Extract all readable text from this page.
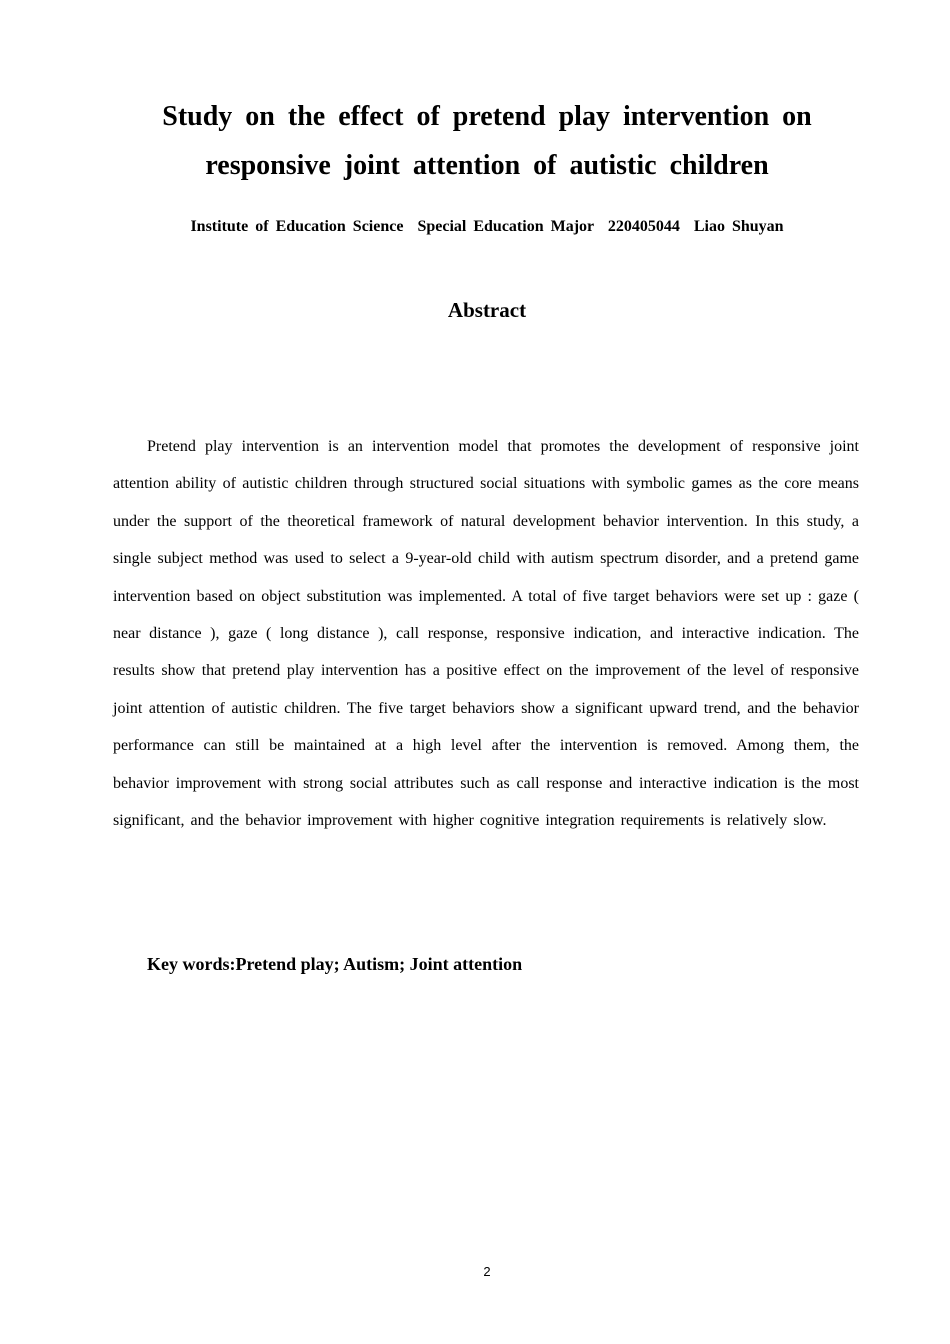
Study on the effect of pretend play intervention on
responsive joint attention of autistic children

Institute of Education Science  Special Education Major  220405044  Liao Shuyan

Abstract

Pretend play intervention is an intervention model that promotes the development of responsive joint attention ability of autistic children through structured social situations with symbolic games as the core means under the support of the theoretical framework of natural development behavior intervention. In this study, a single subject method was used to select a 9-year-old child with autism spectrum disorder, and a pretend game intervention based on object substitution was implemented. A total of five target behaviors were set up : gaze ( near distance ), gaze ( long distance ), call response, responsive indication, and interactive indication. The results show that pretend play intervention has a positive effect on the improvement of the level of responsive joint attention of autistic children. The five target behaviors show a significant upward trend, and the behavior performance can still be maintained at a high level after the intervention is removed. Among them, the behavior improvement with strong social attributes such as call response and interactive indication is the most significant, and the behavior improvement with higher cognitive integration requirements is relatively slow.

Key words:Pretend play; Autism; Joint attention

2
